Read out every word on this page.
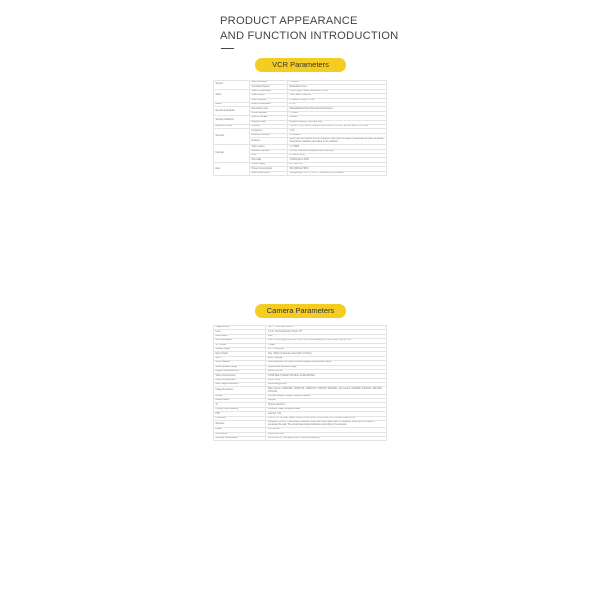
PRODUCT APPEARANCE
AND FUNCTION INTRODUCTION
VCR Parameters
System	Main processor	HI3520D
	Operating System	Embedded Linux
Video	Video compression	H.265 High Profile/H.264 Main Profile
	Video output	720P/1920X 1080P/4
	Video input(IP)	4*1080P/4*960P/4*720P
Audio	Audio compression	G.711
Record & playback	Recording mode	Manual/Alarm/Video Detection/Continuous
	Local Playback	1*1080P
Storage & Backup	Record Storage	network
	Backup mode	Network backup, USB hard disk
Network Control	Protocol	TCP/IP, HTTP, DHCP, DNS, RTSP, RTMP, FTP, NTP, UPNP, SMTP, FTP, P2P
Wireless	Frequency	2.4G
	Antenna Structure	2 x 2MIMO
	Distance	More than 300 meters with no obstacle, more than 30 meters if penetrate the wall, the actual transmission distance according to the situation
Interface	Video output	1 x HDMI
	Network interface	1*RJ45 10M/100M (Adaptive Ethernet port)
	USB	2*USB 2.0 port
	Hard disk	1 SATA(Up to 4TB)
Else	Power supply	DC +12V 2A
	Power Consumption	6W (Without HDD)
	Work environment	Temperature: -10°C ~ +55°C, Humidity: 10%~90%RH
Camera Parameters
Image sensor	1/2.7" 1.3M Pixel CMOS
Lens	4 mm, horizontal field of view: 79°
Lens Mount	M12
Min. Illumination	Color: 0.01Lux@(F1.2, AGC ON) / B/W: 0.001Lux@(F1.2, AGC ON), 0Lux IR ON
S / N ratio	>39dB
Shutter speed	1/5 ~ 1/20,000s
Day & Night	Day / Night / External control (IR Cut Filter)
AGC	Auto / Manual
White balance	Auto/Manual/ATW/Indoor/Outdoor/Daylight lamp/Sodium lamp
Wide Dynamic range	Digital Wide Dynamic range
Digital noise Reduction	2D/NR 3D/NR
Video Compression	H.265 Main Profile/H.264 Main Profile/MJPEG
Audio Compression	G711, PCM
Max Image Resolution	1280X960@30fps
Image Resolution	Main stream: 1280X960, 1280X720, 1280X720, 704X576, 640X480 / sub stream: 640X480, 320X240, 320X180, 176X144
Bitrate	32Kbps~8Mbps, 3Mbps~16Mbps variable
Motion detect	Support
AI	Human detection
Privacy Zone Masking	4 privacy masks programmable
P2P	Android, iOS
Protocols	TCP/IP, HTTP, UDP, IGMP, DHCP, DNS, UPNP, NTP, RTSP, RTP, ONVIF, DDNS, P2P
Wireless	Frequency: 2.4G / Transmission distance: More than 300 meters with no obstacle, More than 30 meters if penetrate the wall, The actual transmission distance according to the situation
Power	12V DC/1A
Dimensions	184X65X67mm
Working Temperature	-30°C~+60°C, Humidity:95%RH (Non-condensing)
